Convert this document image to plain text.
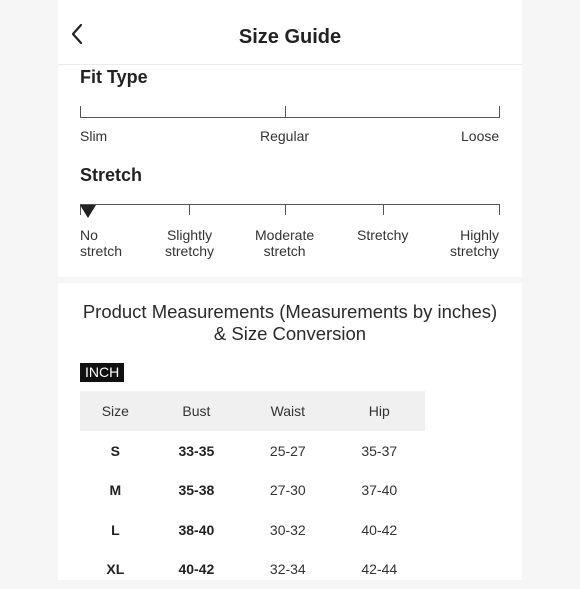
Size Guide
Fit Type
Slim	Regular	Loose
Stretch
No
stretch
Slightly
stretchy
Moderate
stretch
Stretchy	Highly
stretchy
Product Measurements (Measurements by inches) & Size Conversion
INCH
Size	Bust	Waist	Hip
S	33-35	25-27	35-37
M	35-38	27-30	37-40
L	38-40	30-32	40-42
XL	40-42	32-34	42-44
